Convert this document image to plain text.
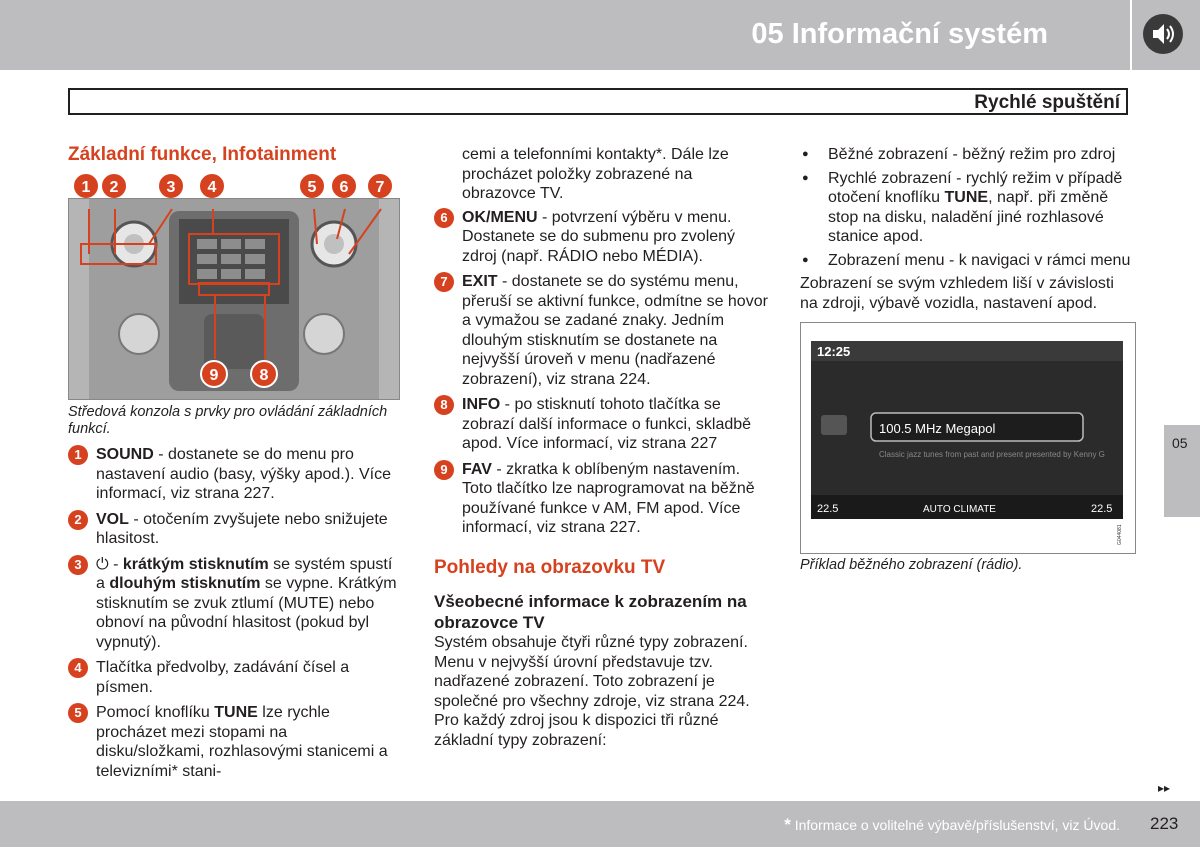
05 Informační systém
Rychlé spuštění
Základní funkce, Infotainment
1	2	3	4	5	6	7
9	8
Středová konzola s prvky pro ovládání základních funkcí.
1 SOUND - dostanete se do menu pro nastavení audio (basy, výšky apod.). Více informací, viz strana 227.
2 VOL - otočením zvyšujete nebo snižujete hlasitost.
3 ⏻ - krátkým stisknutím se systém spustí a dlouhým stisknutím se vypne. Krátkým stisknutím se zvuk ztlumí (MUTE) nebo obnoví na původní hlasitost (pokud byl vypnutý).
4 Tlačítka předvolby, zadávání čísel a písmen.
5 Pomocí knoflíku TUNE lze rychle procházet mezi stopami na disku/složkami, rozhlasovými stanicemi a televizními* stani-
cemi a telefonními kontakty*. Dále lze procházet položky zobrazené na obrazovce TV.
6 OK/MENU - potvrzení výběru v menu. Dostanete se do submenu pro zvolený zdroj (např. RÁDIO nebo MÉDIA).
7 EXIT - dostanete se do systému menu, přeruší se aktivní funkce, odmítne se hovor a vymažou se zadané znaky. Jedním dlouhým stisknutím se dostanete na nejvyšší úroveň v menu (nadřazené zobrazení), viz strana 224.
8 INFO - po stisknutí tohoto tlačítka se zobrazí další informace o funkci, skladbě apod. Více informací, viz strana 227
9 FAV - zkratka k oblíbeným nastavením. Toto tlačítko lze naprogramovat na běžně používané funkce v AM, FM apod. Více informací, viz strana 227.
Pohledy na obrazovku TV
Všeobecné informace k zobrazením na obrazovce TV
Systém obsahuje čtyři různé typy zobrazení. Menu v nejvyšší úrovní představuje tzv. nadřazené zobrazení. Toto zobrazení je společné pro všechny zdroje, viz strana 224. Pro každý zdroj jsou k dispozici tři různé základní typy zobrazení:
● Běžné zobrazení - běžný režim pro zdroj
● Rychlé zobrazení - rychlý režim v případě otočení knoflíku TUNE, např. při změně stop na disku, naladění jiné rozhlasové stanice apod.
● Zobrazení menu - k navigaci v rámci menu
Zobrazení se svým vzhledem liší v závislosti na zdroji, výbavě vozidla, nastavení apod.
12:25
100.5 MHz Megapol
Classic jazz tunes from past and present presented by Kenny G
22.5	AUTO CLIMATE	22.5
G044081
Příklad běžného zobrazení (rádio).
05
▸▸
* Informace o volitelné výbavě/příslušenství, viz Úvod. 223
